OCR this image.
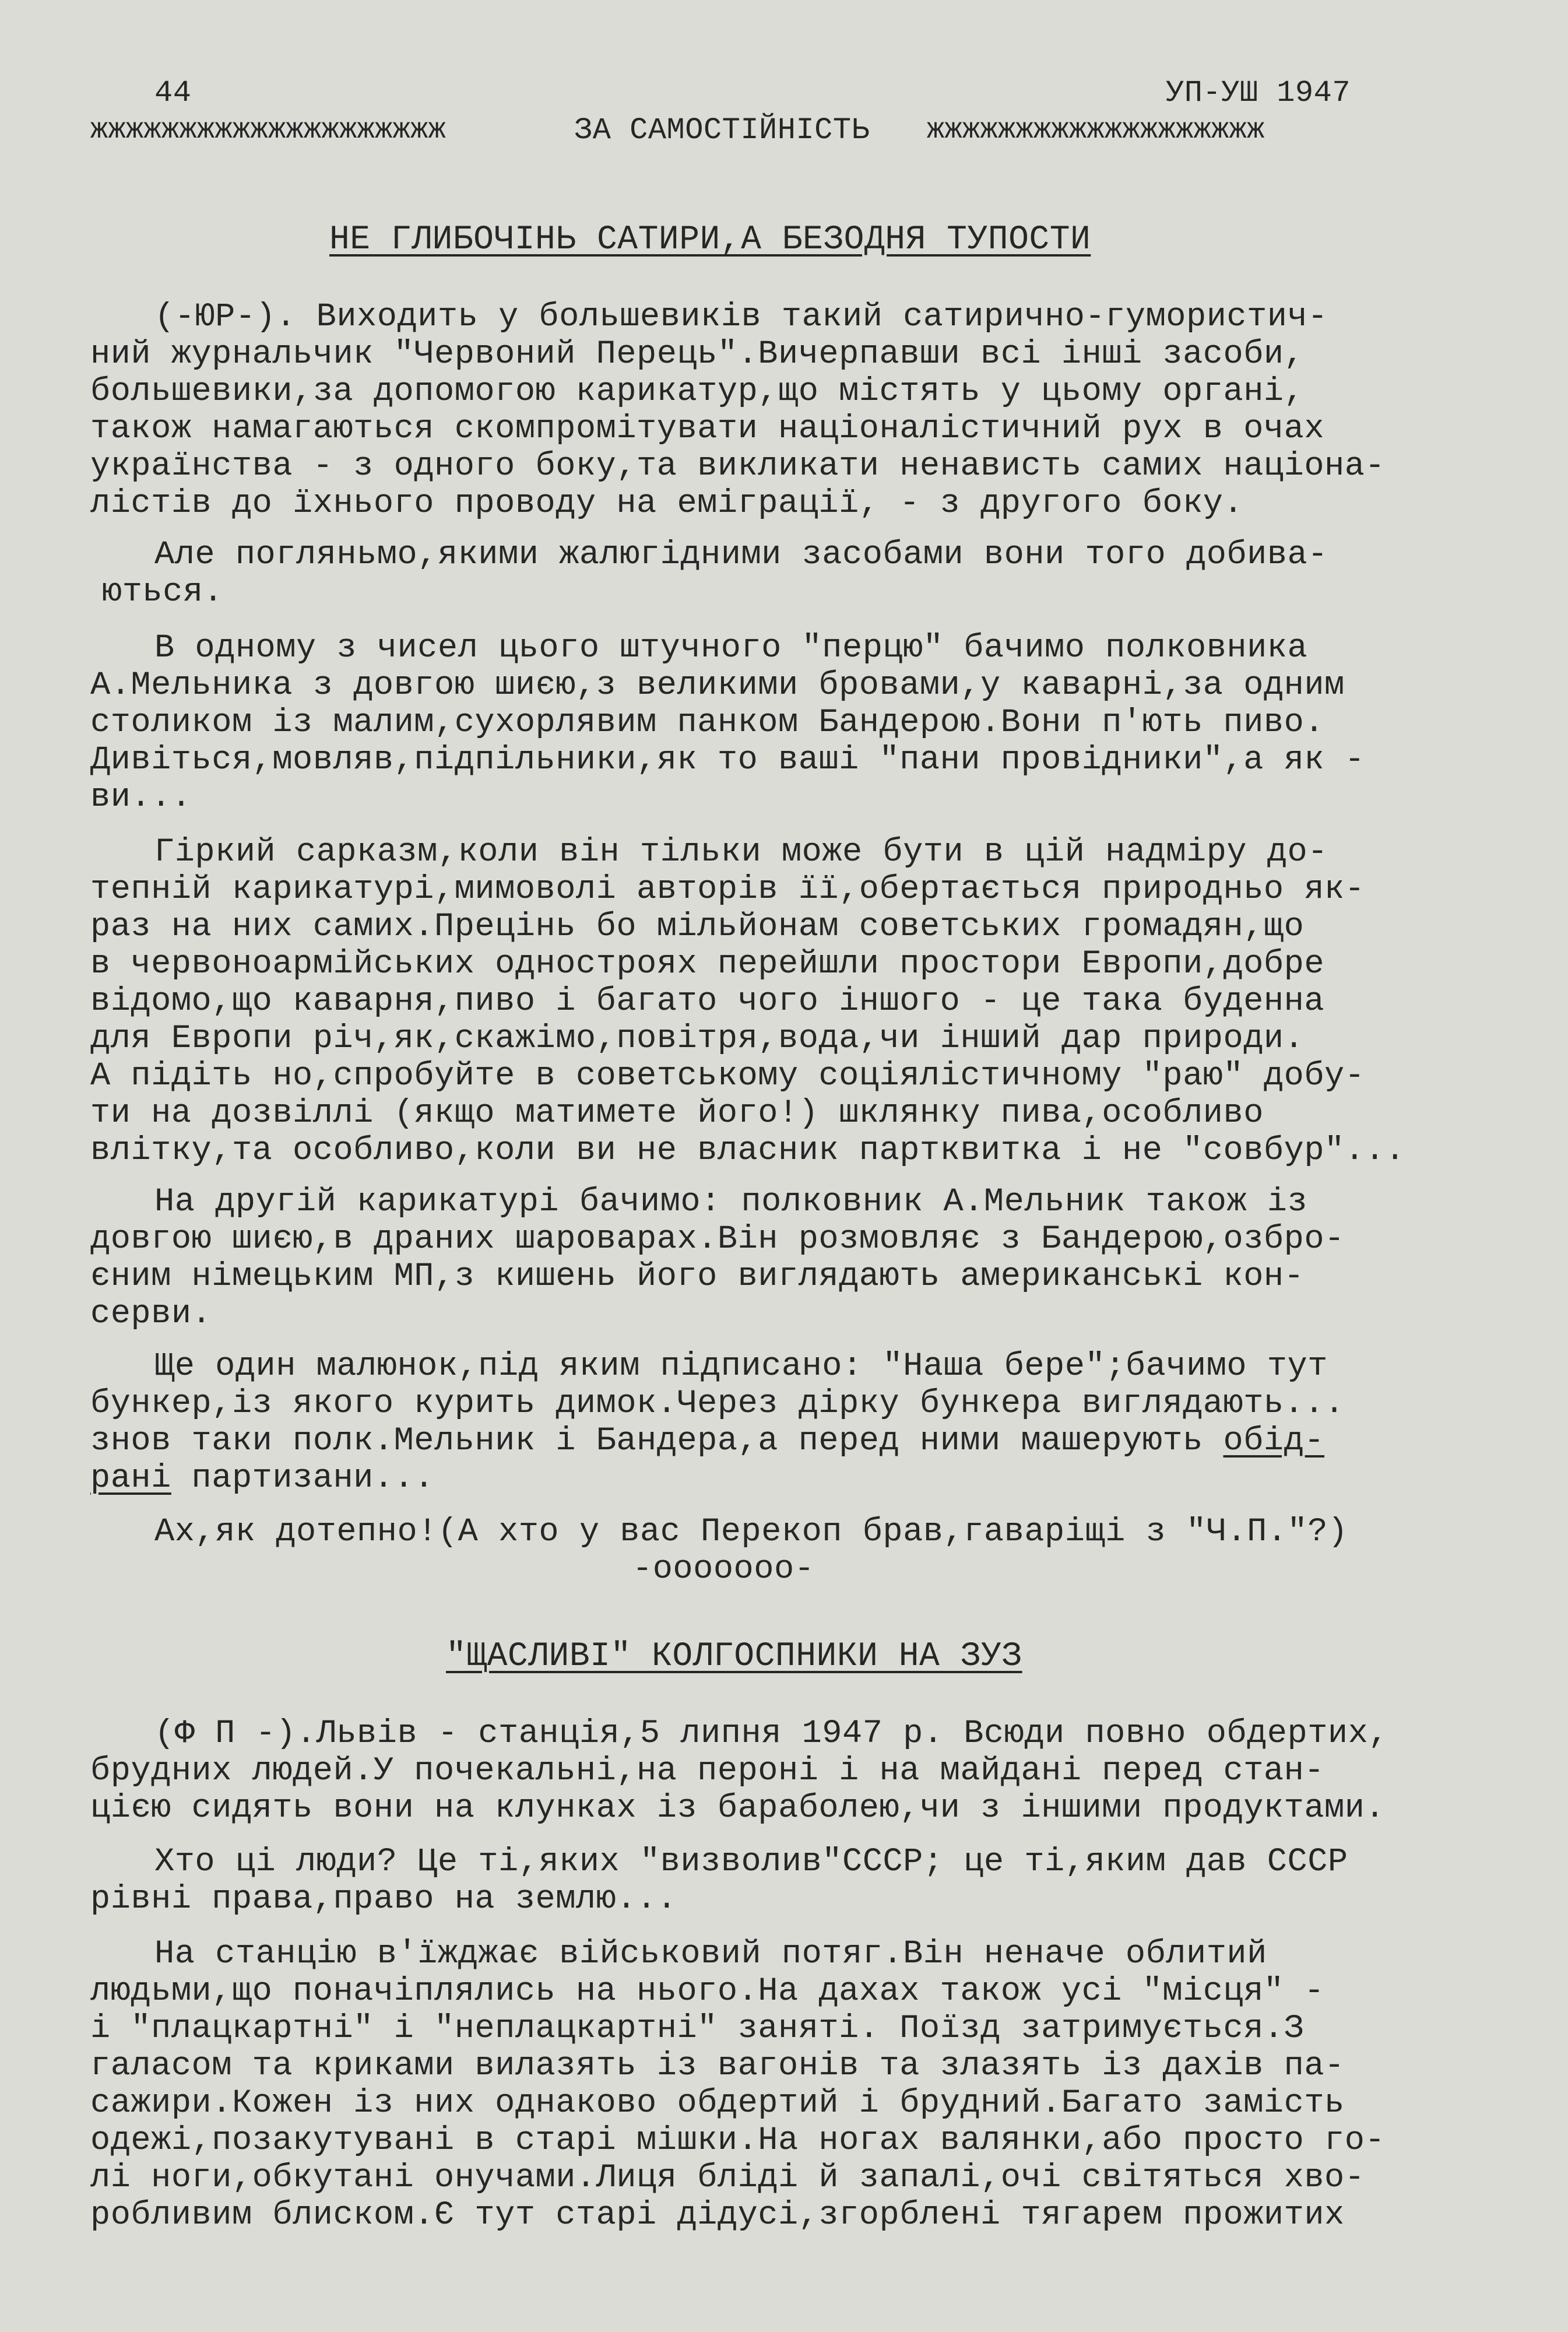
44	УП-УШ 1947
жжжжжжжжжжжжжжжжжжжж	ЗА САМОСТІЙНІСТЬ жжжжжжжжжжжжжжжжжжж
НЕ ГЛИБОЧІНЬ САТИРИ,А БЕЗОДНЯ ТУПОСТИ
(-ЮР-). Виходить у большевиків такий сатирично-гумористич-
ний журнальчик "Червоний Перець".Вичерпавши всі інші засоби,
большевики,за допомогою карикатур,що містять у цьому органі,
також намагаються скомпромітувати націоналістичний рух в очах
українства - з одного боку,та викликати ненависть самих націона-
лістів до їхнього проводу на еміграції, - з другого боку.
Але погляньмо,якими жалюгідними засобами вони того добива-
ються.
В одному з чисел цього штучного "перцю" бачимо полковника
А.Мельника з довгою шиєю,з великими бровами,у каварні,за одним
столиком із малим,сухорлявим панком Бандерою.Вони п'ють пиво.
Дивіться,мовляв,підпільники,як то ваші "пани провідники",а як -
ви...
Гіркий сарказм,коли він тільки може бути в цій надміру до-
тепній карикатурі,мимоволі авторів її,обертається природньо як-
раз на них самих.Прецінь бо мільйонам советських громадян,що
в червоноармійських одностроях перейшли простори Европи,добре
відомо,що каварня,пиво і багато чого іншого - це така буденна
для Европи річ,як,скажімо,повітря,вода,чи інший дар природи.
А підіть но,спробуйте в советському соціялістичному "раю" добу-
ти на дозвіллі (якщо матимете його!) шклянку пива,особливо
влітку,та особливо,коли ви не власник партквитка і не "совбур"...
На другій карикатурі бачимо: полковник А.Мельник також із
довгою шиєю,в драних шароварах.Він розмовляє з Бандерою,озбро-
єним німецьким МП,з кишень його виглядають американські кон-
серви.
Ще один малюнок,під яким підписано: "Наша бере";бачимо тут
бункер,із якого курить димок.Через дірку бункера виглядають...
знов таки полк.Мельник і Бандера,а перед ними машерують обід-
рані партизани...
Ах,як дотепно!(А хто у вас Перекоп брав,гаваріщі з "Ч.П."?)
-ооооооо-
"ЩАСЛИВІ" КОЛГОСПНИКИ НА ЗУЗ
(Ф П -).Львів - станція,5 липня 1947 р. Всюди повно обдертих,
брудних людей.У почекальні,на пероні і на майдані перед стан-
цією сидять вони на клунках із бараболею,чи з іншими продуктами.
Хто ці люди? Це ті,яких "визволив"СССР; це ті,яким дав СССР
рівні права,право на землю...
На станцію в'їжджає військовий потяг.Він неначе облитий
людьми,що поначіплялись на нього.На дахах також усі "місця" -
і "плацкартні" і "неплацкартні" заняті. Поїзд затримується.З
галасом та криками вилазять із вагонів та злазять із дахів па-
сажири.Кожен із них однаково обдертий і брудний.Багато замість
одежі,позакутувані в старі мішки.На ногах валянки,або просто го-
лі ноги,обкутані онучами.Лиця бліді й запалі,очі світяться хво-
робливим блиском.Є тут старі дідусі,згорблені тягарем прожитих
